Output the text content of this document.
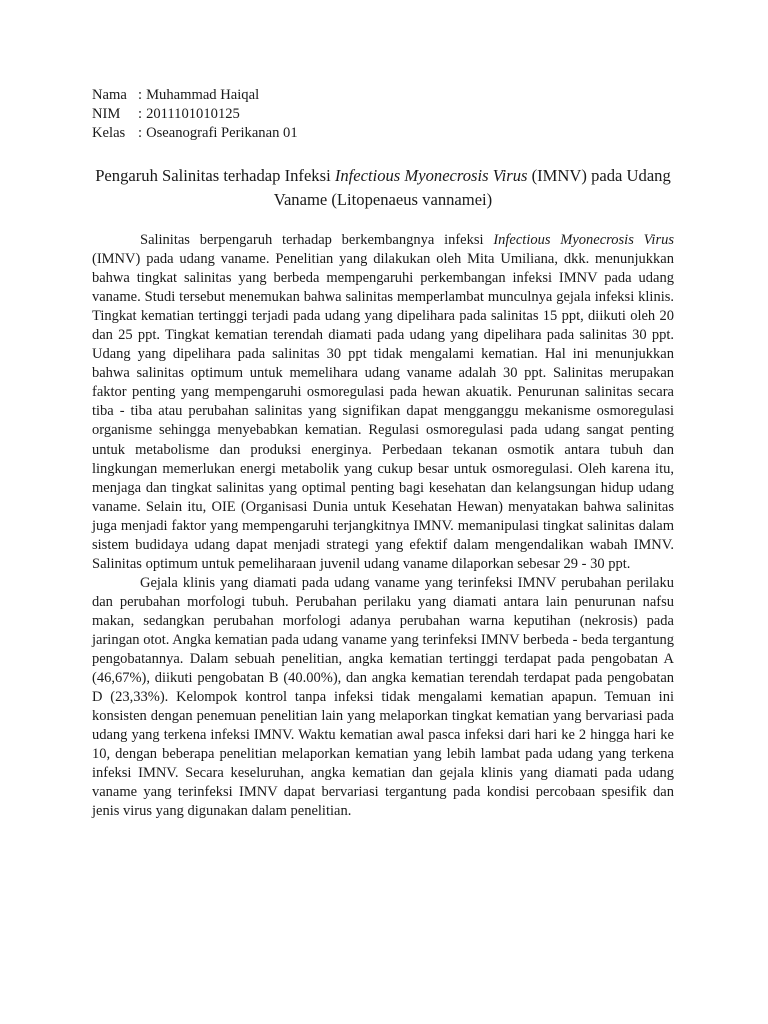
Nama : Muhammad Haiqal
NIM	: 2011101010125
Kelas : Oseanografi Perikanan 01
Pengaruh Salinitas terhadap Infeksi Infectious Myonecrosis Virus (IMNV) pada Udang Vaname (Litopenaeus vannamei)

Salinitas berpengaruh terhadap berkembangnya infeksi Infectious Myonecrosis Virus (IMNV) pada udang vaname. Penelitian yang dilakukan oleh Mita Umiliana, dkk. menunjukkan bahwa tingkat salinitas yang berbeda mempengaruhi perkembangan infeksi IMNV pada udang vaname. Studi tersebut menemukan bahwa salinitas memperlambat munculnya gejala infeksi klinis. Tingkat kematian tertinggi terjadi pada udang yang dipelihara pada salinitas 15 ppt, diikuti oleh 20 dan 25 ppt. Tingkat kematian terendah diamati pada udang yang dipelihara pada salinitas 30 ppt. Udang yang dipelihara pada salinitas 30 ppt tidak mengalami kematian. Hal ini menunjukkan bahwa salinitas optimum untuk memelihara udang vaname adalah 30 ppt. Salinitas merupakan faktor penting yang mempengaruhi osmoregulasi pada hewan akuatik. Penurunan salinitas secara tiba - tiba atau perubahan salinitas yang signifikan dapat mengganggu mekanisme osmoregulasi organisme sehingga menyebabkan kematian. Regulasi osmoregulasi pada udang sangat penting untuk metabolisme dan produksi energinya. Perbedaan tekanan osmotik antara tubuh dan lingkungan memerlukan energi metabolik yang cukup besar untuk osmoregulasi. Oleh karena itu, menjaga dan tingkat salinitas yang optimal penting bagi kesehatan dan kelangsungan hidup udang vaname. Selain itu, OIE (Organisasi Dunia untuk Kesehatan Hewan) menyatakan bahwa salinitas juga menjadi faktor yang mempengaruhi terjangkitnya IMNV. memanipulasi tingkat salinitas dalam sistem budidaya udang dapat menjadi strategi yang efektif dalam mengendalikan wabah IMNV. Salinitas optimum untuk pemeliharaan juvenil udang vaname dilaporkan sebesar 29 - 30 ppt.

Gejala klinis yang diamati pada udang vaname yang terinfeksi IMNV perubahan perilaku dan perubahan morfologi tubuh. Perubahan perilaku yang diamati antara lain penurunan nafsu makan, sedangkan perubahan morfologi adanya perubahan warna keputihan (nekrosis) pada jaringan otot. Angka kematian pada udang vaname yang terinfeksi IMNV berbeda - beda tergantung pengobatannya. Dalam sebuah penelitian, angka kematian tertinggi terdapat pada pengobatan A (46,67%), diikuti pengobatan B (40.00%), dan angka kematian terendah terdapat pada pengobatan D (23,33%). Kelompok kontrol tanpa infeksi tidak mengalami kematian apapun. Temuan ini konsisten dengan penemuan penelitian lain yang melaporkan tingkat kematian yang bervariasi pada udang yang terkena infeksi IMNV. Waktu kematian awal pasca infeksi dari hari ke 2 hingga hari ke 10, dengan beberapa penelitian melaporkan kematian yang lebih lambat pada udang yang terkena infeksi IMNV. Secara keseluruhan, angka kematian dan gejala klinis yang diamati pada udang vaname yang terinfeksi IMNV dapat bervariasi tergantung pada kondisi percobaan spesifik dan jenis virus yang digunakan dalam penelitian.
